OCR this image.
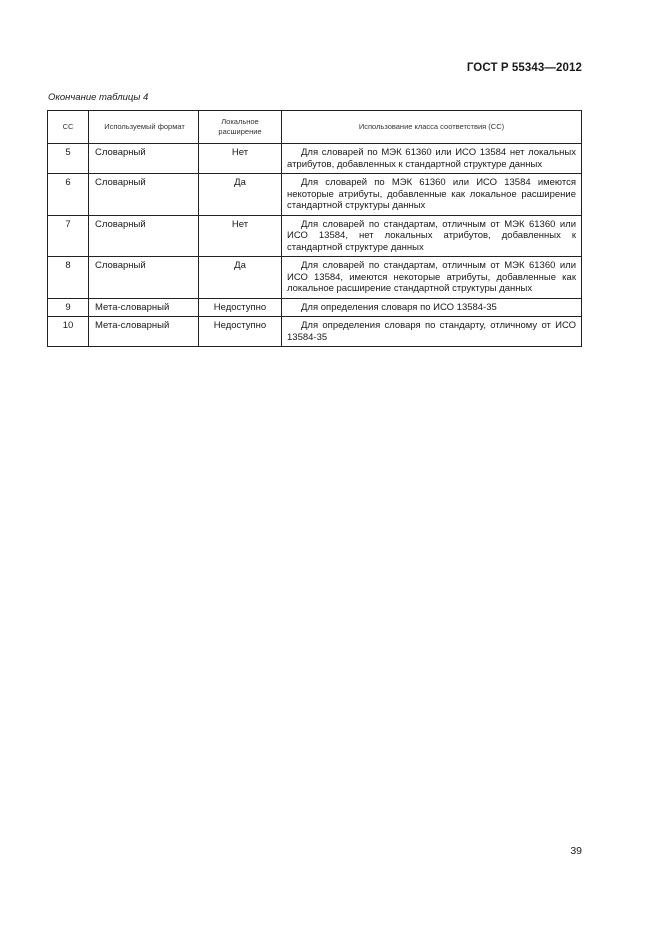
ГОСТ Р 55343—2012
Окончание таблицы 4
CC	Используемый формат	Локальное расширение	Использование класса соответствия (CC)
5	Словарный	Нет	Для словарей по МЭК 61360 или ИСО 13584 нет локальных атрибутов, добавленных к стандартной структуре данных

6	Словарный	Да	Для словарей по МЭК 61360 или ИСО 13584 имеются некоторые атрибуты, добавленные как локальное расширение стандартной структуры данных

7	Словарный	Нет	Для словарей по стандартам, отличным от МЭК 61360 или ИСО 13584, нет локальных атрибутов, добавленных к стандартной структуре данных

8	Словарный	Да	Для словарей по стандартам, отличным от МЭК 61360 или ИСО 13584, имеются некоторые атрибуты, добавленные как локальное расширение стандартной структуры данных

9	Мета-словарный	Недоступно	Для определения словаря по ИСО 13584-35

10	Мета-словарный	Недоступно	Для определения словаря по стандарту, отличному от ИСО 13584-35
39
